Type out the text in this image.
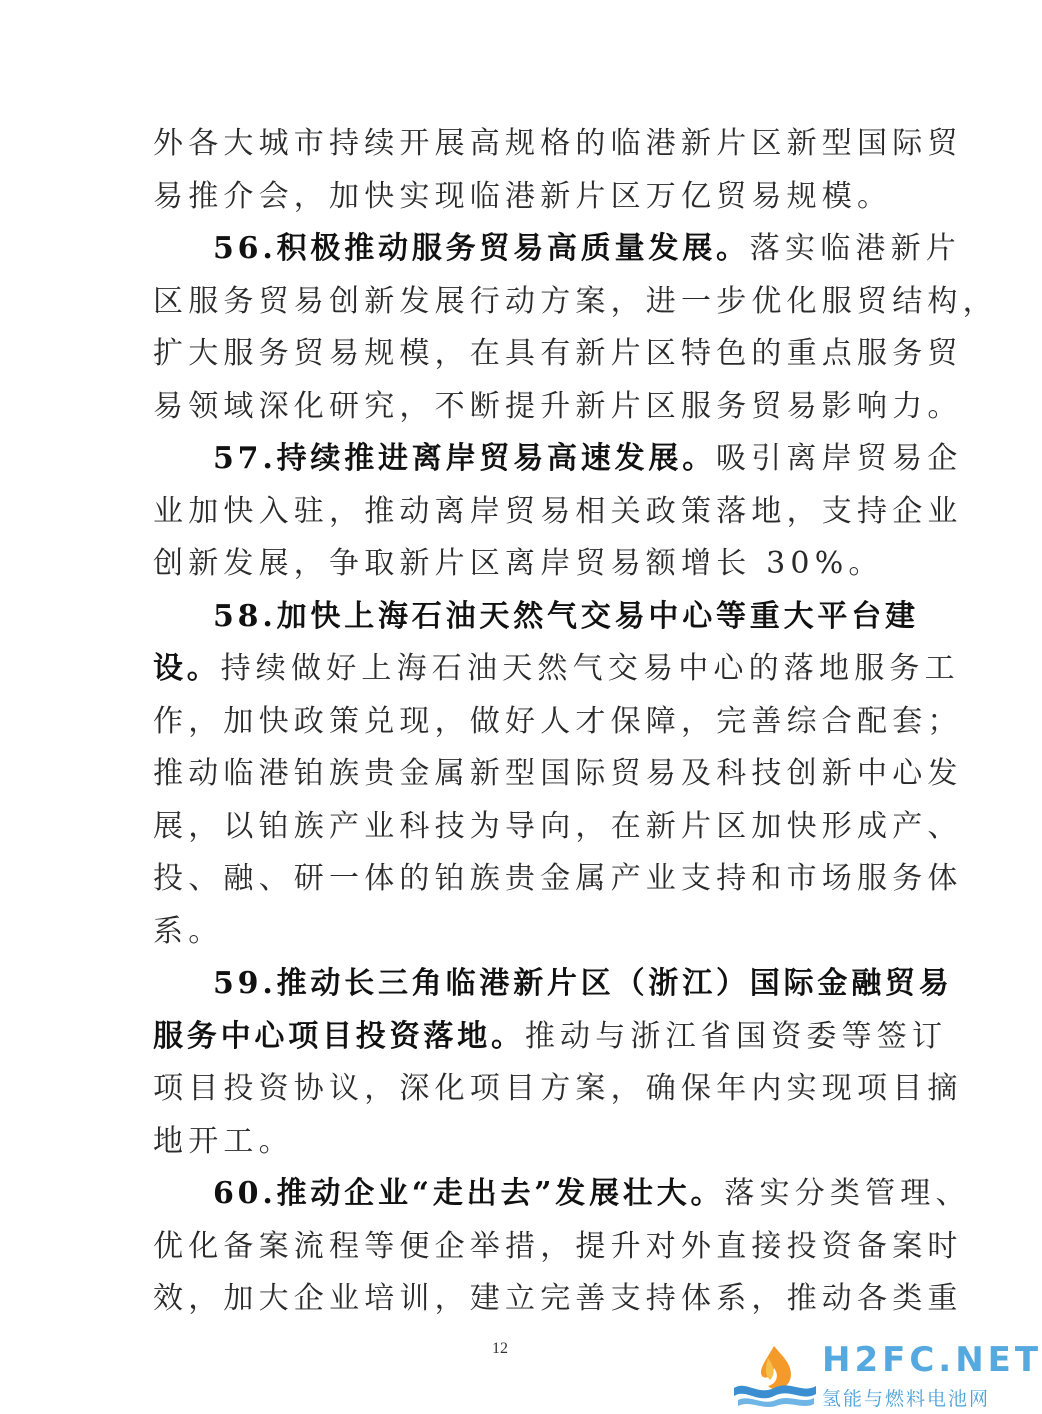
外各大城市持续开展高规格的临港新片区新型国际贸
易推介会，加快实现临港新片区万亿贸易规模。
56.积极推动服务贸易高质量发展。落实临港新片
区服务贸易创新发展行动方案，进一步优化服贸结构，
扩大服务贸易规模，在具有新片区特色的重点服务贸
易领域深化研究，不断提升新片区服务贸易影响力。
57.持续推进离岸贸易高速发展。吸引离岸贸易企
业加快入驻，推动离岸贸易相关政策落地，支持企业
创新发展，争取新片区离岸贸易额增长 30%。
58.加快上海石油天然气交易中心等重大平台建
设。持续做好上海石油天然气交易中心的落地服务工
作，加快政策兑现，做好人才保障，完善综合配套；
推动临港铂族贵金属新型国际贸易及科技创新中心发
展，以铂族产业科技为导向，在新片区加快形成产、
投、融、研一体的铂族贵金属产业支持和市场服务体
系。
59.推动长三角临港新片区（浙江）国际金融贸易
服务中心项目投资落地。推动与浙江省国资委等签订
项目投资协议，深化项目方案，确保年内实现项目摘
地开工。
60.推动企业“走出去”发展壮大。落实分类管理、
优化备案流程等便企举措，提升对外直接投资备案时
效，加大企业培训，建立完善支持体系，推动各类重
12	H2FC.NET
氢能与燃料电池网
